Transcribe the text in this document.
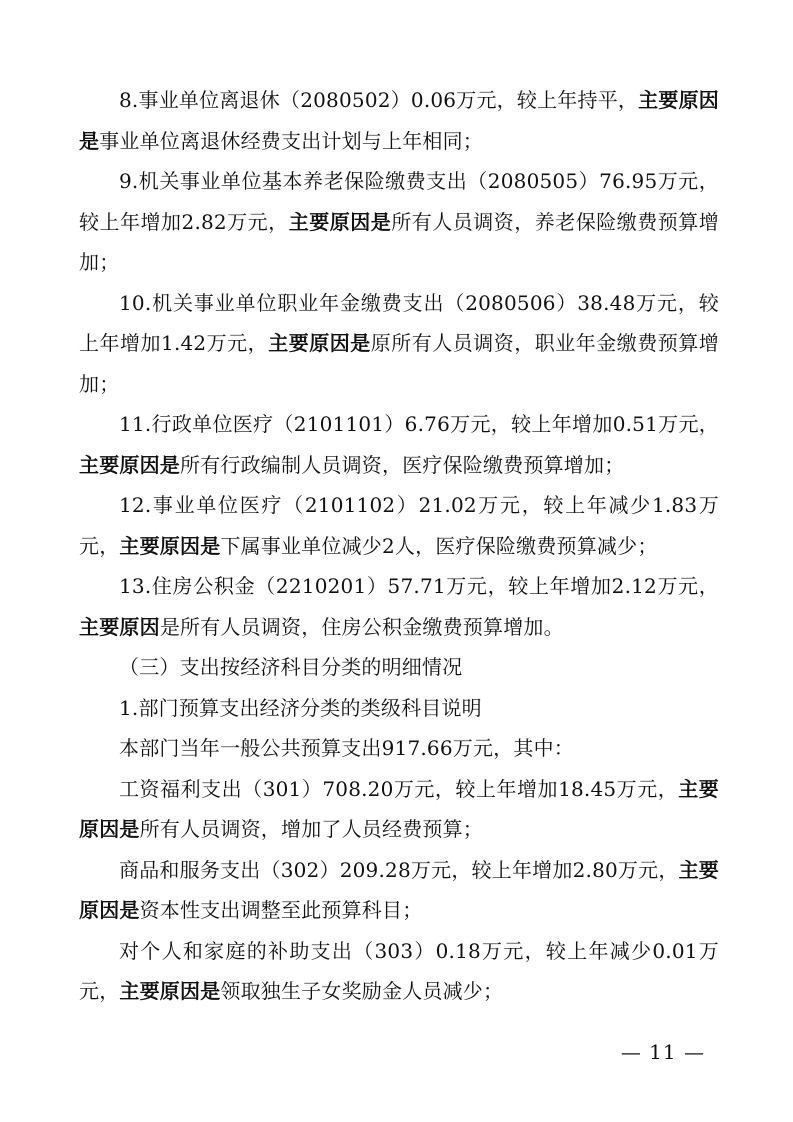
8.事业单位离退休（2080502）0.06万元，较上年持平，主要原因是事业单位离退休经费支出计划与上年相同；

9.机关事业单位基本养老保险缴费支出（2080505）76.95万元，较上年增加2.82万元，主要原因是所有人员调资，养老保险缴费预算增加；

10.机关事业单位职业年金缴费支出（2080506）38.48万元，较上年增加1.42万元，主要原因是原所有人员调资，职业年金缴费预算增加；

11.行政单位医疗（2101101）6.76万元，较上年增加0.51万元，主要原因是所有行政编制人员调资，医疗保险缴费预算增加；

12.事业单位医疗（2101102）21.02万元，较上年减少1.83万元，主要原因是下属事业单位减少2人，医疗保险缴费预算减少；

13.住房公积金（2210201）57.71万元，较上年增加2.12万元，主要原因是所有人员调资，住房公积金缴费预算增加。

（三）支出按经济科目分类的明细情况

1.部门预算支出经济分类的类级科目说明

本部门当年一般公共预算支出917.66万元，其中：

工资福利支出（301）708.20万元，较上年增加18.45万元，主要原因是所有人员调资，增加了人员经费预算；

商品和服务支出（302）209.28万元，较上年增加2.80万元，主要原因是资本性支出调整至此预算科目；

对个人和家庭的补助支出（303）0.18万元，较上年减少0.01万元，主要原因是领取独生子女奖励金人员减少；

— 11 —
